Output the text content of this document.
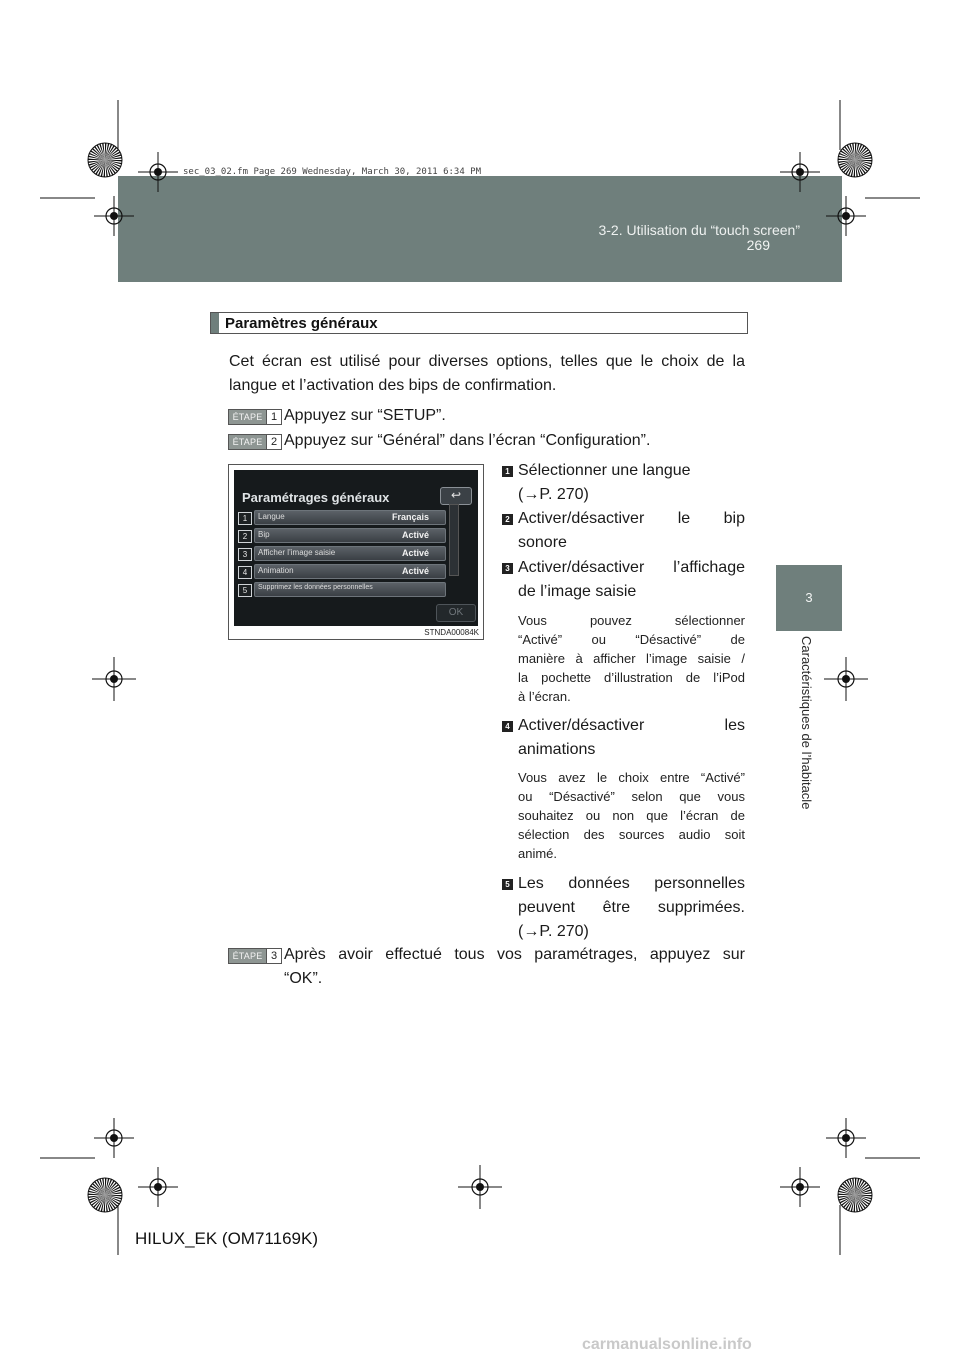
sec_03_02.fm Page 269 Wednesday, March 30, 2011 6:34 PM
3-2. Utilisation du “touch screen”
269
3
Caractéristiques de l’habitacle
Paramètres généraux
Cet écran est utilisé pour diverses options, telles que le choix de la langue et l’activation des bips de confirmation.
ÉTAPE 1 Appuyez sur “SETUP”.
ÉTAPE 2 Appuyez sur “Général” dans l’écran “Configuration”.
Paramétrages généraux	↩
1	Langue	Français
2	Bip	Activé
3	Afficher l’image saisie	Activé
4	Animation	Activé
5	Supprimez les données personnelles
OK
STNDA00084K
1 Sélectionner une langue
(→P. 270)
2 Activer/désactiver le bip
sonore
3 Activer/désactiver l’affichage
de l’image saisie
Vous pouvez sélectionner
“Activé” ou “Désactivé” de
manière à afficher l’image saisie /
la pochette d’illustration de l’iPod
à l’écran.
4 Activer/désactiver les
animations
Vous avez le choix entre “Activé”
ou “Désactivé” selon que vous
souhaitez ou non que l’écran de
sélection des sources audio soit
animé.
5 Les données personnelles
peuvent être supprimées.
(→P. 270)
ÉTAPE 3 Après avoir effectué tous vos paramétrages, appuyez sur
“OK”.
HILUX_EK (OM71169K)
carmanualsonline.info
